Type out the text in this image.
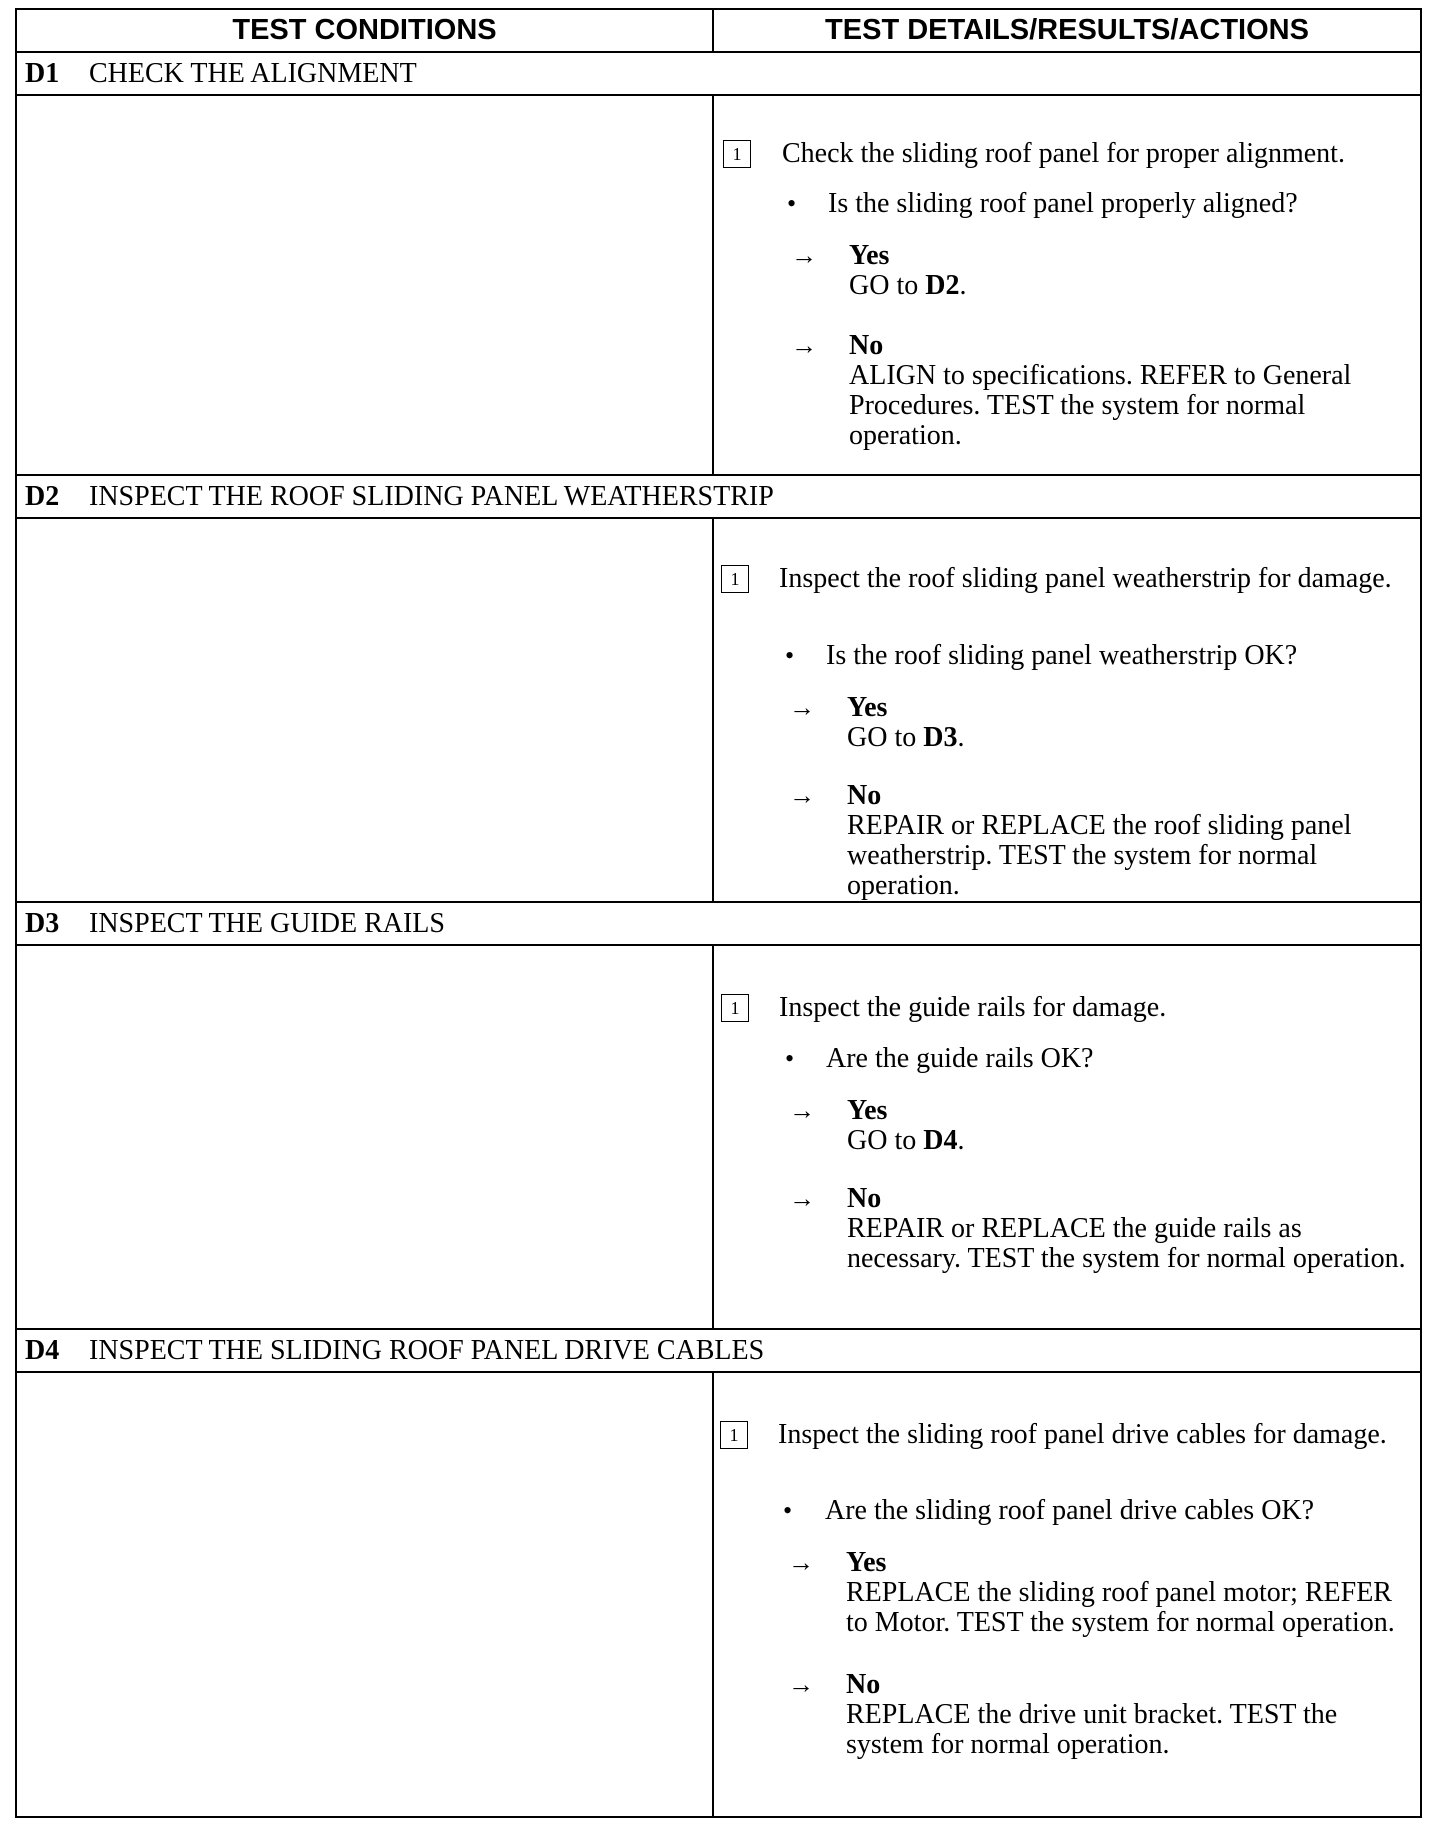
TEST CONDITIONS	TEST DETAILS/RESULTS/ACTIONS
D1 CHECK THE ALIGNMENT
1	Check the sliding roof panel for proper alignment.
• Is the sliding roof panel properly aligned?
→ Yes
GO to D2.
→ No
ALIGN to specifications. REFER to General Procedures. TEST the system for normal operation.
D2 INSPECT THE ROOF SLIDING PANEL WEATHERSTRIP
1	Inspect the roof sliding panel weatherstrip for damage.
• Is the roof sliding panel weatherstrip OK?
→ Yes
GO to D3.
→ No
REPAIR or REPLACE the roof sliding panel weatherstrip. TEST the system for normal operation.
D3 INSPECT THE GUIDE RAILS
1	Inspect the guide rails for damage.
• Are the guide rails OK?
→ Yes
GO to D4.
→ No
REPAIR or REPLACE the guide rails as necessary. TEST the system for normal operation.
D4 INSPECT THE SLIDING ROOF PANEL DRIVE CABLES
1	Inspect the sliding roof panel drive cables for damage.
• Are the sliding roof panel drive cables OK?
→ Yes
REPLACE the sliding roof panel motor; REFER to Motor. TEST the system for normal operation.
→ No
REPLACE the drive unit bracket. TEST the system for normal operation.
